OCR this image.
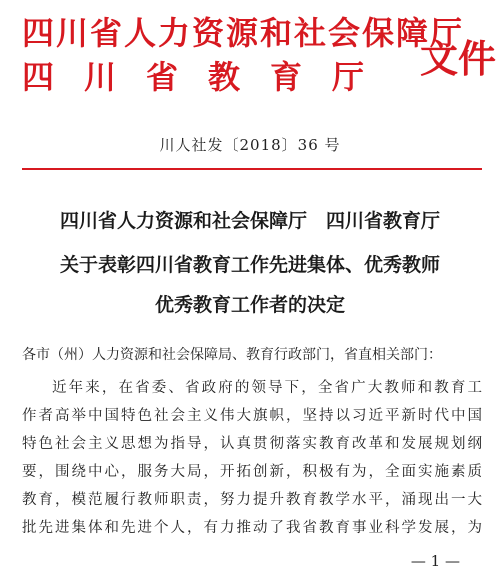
四川省人力资源和社会保障厅
四川省教育厅 文件
川人社发〔2018〕36 号
四川省人力资源和社会保障厅　四川省教育厅
关于表彰四川省教育工作先进集体、优秀教师
优秀教育工作者的决定
各市（州）人力资源和社会保障局、教育行政部门，省直相关部门：
近年来，在省委、省政府的领导下，全省广大教师和教育工
作者高举中国特色社会主义伟大旗帜，坚持以习近平新时代中国
特色社会主义思想为指导，认真贯彻落实教育改革和发展规划纲
要，围绕中心，服务大局，开拓创新，积极有为，全面实施素质
教育，模范履行教师职责，努力提升教育教学水平，涌现出一大
批先进集体和先进个人，有力推动了我省教育事业科学发展，为
— 1 —
